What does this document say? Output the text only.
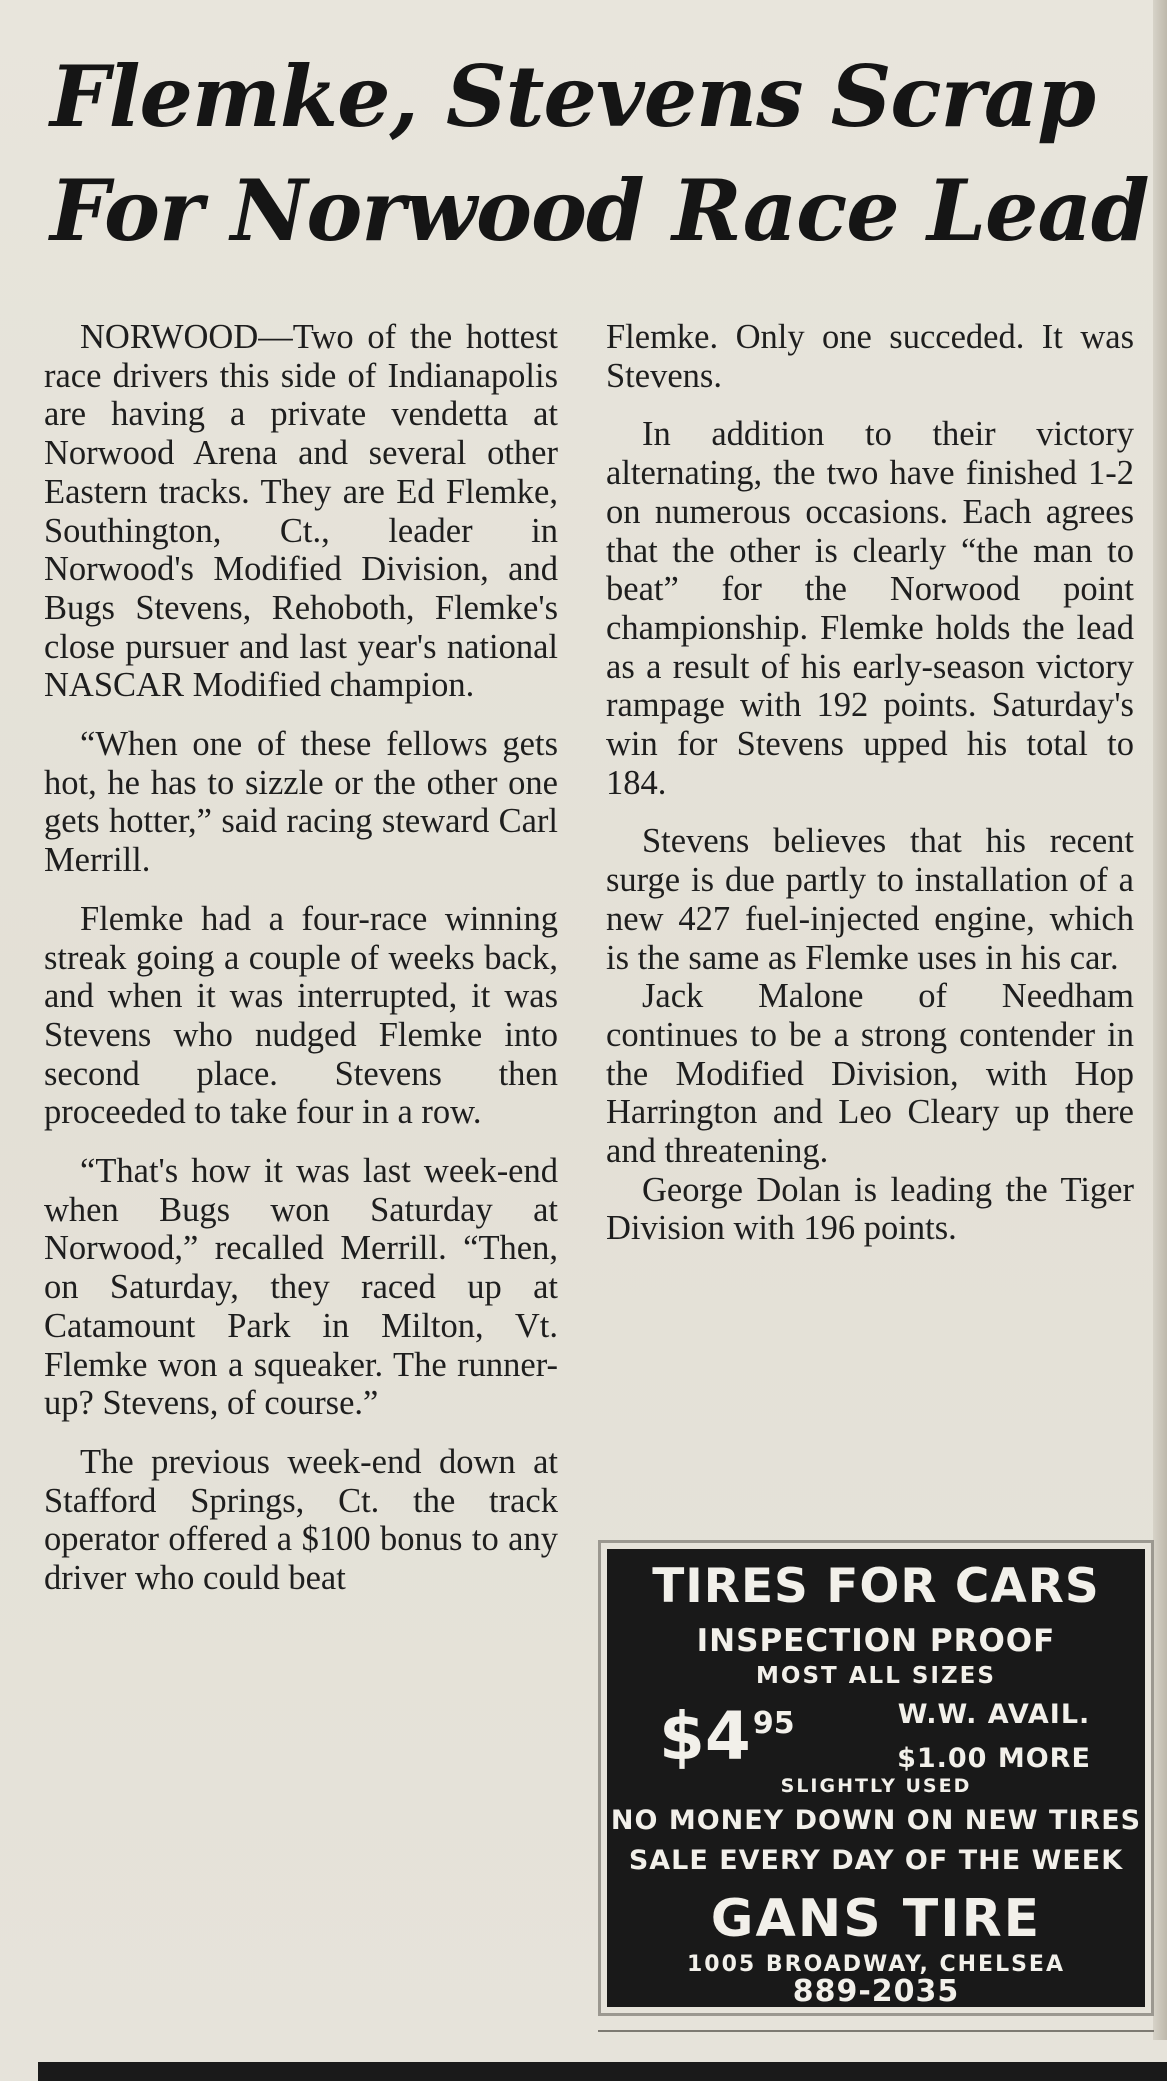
Flemke, Stevens Scrap
For Norwood Race Lead

NORWOOD—Two of the hottest race drivers this side of Indianapolis are having a private vendetta at Norwood Arena and several other Eastern tracks. They are Ed Flemke, Southington, Ct., leader in Norwood's Modified Division, and Bugs Stevens, Rehoboth, Flemke's close pursuer and last year's national NASCAR Modified champion.

“When one of these fellows gets hot, he has to sizzle or the other one gets hotter,” said racing steward Carl Merrill.

Flemke had a four-race winning streak going a couple of weeks back, and when it was interrupted, it was Stevens who nudged Flemke into second place. Stevens then proceeded to take four in a row.

“That's how it was last week-end when Bugs won Saturday at Norwood,” recalled Merrill. “Then, on Saturday, they raced up at Catamount Park in Milton, Vt. Flemke won a squeaker. The runner-up? Stevens, of course.”

The previous week-end down at Stafford Springs, Ct. the track operator offered a $100 bonus to any driver who could beat

Flemke. Only one succeded. It was Stevens.

In addition to their victory alternating, the two have finished 1-2 on numerous occasions. Each agrees that the other is clearly “the man to beat” for the Norwood point championship. Flemke holds the lead as a result of his early-season victory rampage with 192 points. Saturday's win for Stevens upped his total to 184.

Stevens believes that his recent surge is due partly to installation of a new 427 fuel-injected engine, which is the same as Flemke uses in his car.

Jack Malone of Needham continues to be a strong contender in the Modified Division, with Hop Harrington and Leo Cleary up there and threatening.

George Dolan is leading the Tiger Division with 196 points.

TIRES FOR CARS
INSPECTION PROOF
MOST ALL SIZES
$\$4^{95}$	W.W. AVAIL.
$1.00 MORE
SLIGHTLY USED
NO MONEY DOWN ON NEW TIRES
SALE EVERY DAY OF THE WEEK
GANS TIRE
1005 BROADWAY, CHELSEA
889-2035
